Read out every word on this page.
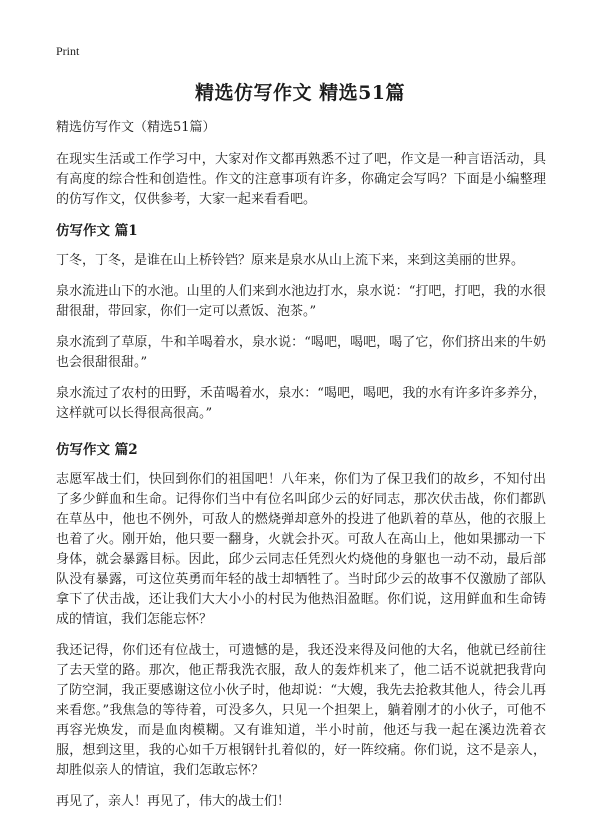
Print
精选仿写作文 精选51篇
精选仿写作文（精选51篇）

在现实生活或工作学习中，大家对作文都再熟悉不过了吧，作文是一种言语活动，具有高度的综合性和创造性。作文的注意事项有许多，你确定会写吗？下面是小编整理的仿写作文，仅供参考，大家一起来看看吧。

仿写作文 篇1

丁冬，丁冬，是谁在山上桥铃铛？原来是泉水从山上流下来，来到这美丽的世界。

泉水流进山下的水池。山里的人们来到水池边打水，泉水说：“打吧，打吧，我的水很甜很甜，带回家，你们一定可以煮饭、泡茶。”

泉水流到了草原，牛和羊喝着水，泉水说：“喝吧，喝吧，喝了它，你们挤出来的牛奶也会很甜很甜。”

泉水流过了农村的田野，禾苗喝着水，泉水：“喝吧，喝吧，我的水有许多许多养分，这样就可以长得很高很高。”

仿写作文 篇2

志愿军战士们，快回到你们的祖国吧！八年来，你们为了保卫我们的故乡，不知付出了多少鲜血和生命。记得你们当中有位名叫邱少云的好同志，那次伏击战，你们都趴在草丛中，他也不例外，可敌人的燃烧弹却意外的投进了他趴着的草丛，他的衣服上也着了火。刚开始，他只要一翻身，火就会扑灭。可敌人在高山上，他如果挪动一下身体，就会暴露目标。因此，邱少云同志任凭烈火灼烧他的身躯也一动不动，最后部队没有暴露，可这位英勇而年轻的战士却牺牲了。当时邱少云的故事不仅激励了部队拿下了伏击战，还让我们大大小小的村民为他热泪盈眶。你们说，这用鲜血和生命铸成的情谊，我们怎能忘怀？

我还记得，你们还有位战士，可遗憾的是，我还没来得及问他的大名，他就已经前往了去天堂的路。那次，他正帮我洗衣服，敌人的轰炸机来了，他二话不说就把我背向了防空洞，我正要感谢这位小伙子时，他却说：“大嫂，我先去抢救其他人，待会儿再来看您。”我焦急的等待着，可没多久，只见一个担架上，躺着刚才的小伙子，可他不再容光焕发，而是血肉模糊。又有谁知道，半小时前，他还与我一起在溪边洗着衣服，想到这里，我的心如千万根钢针扎着似的，好一阵绞痛。你们说，这不是亲人，却胜似亲人的情谊，我们怎敢忘怀？

再见了，亲人！再见了，伟大的战士们！
